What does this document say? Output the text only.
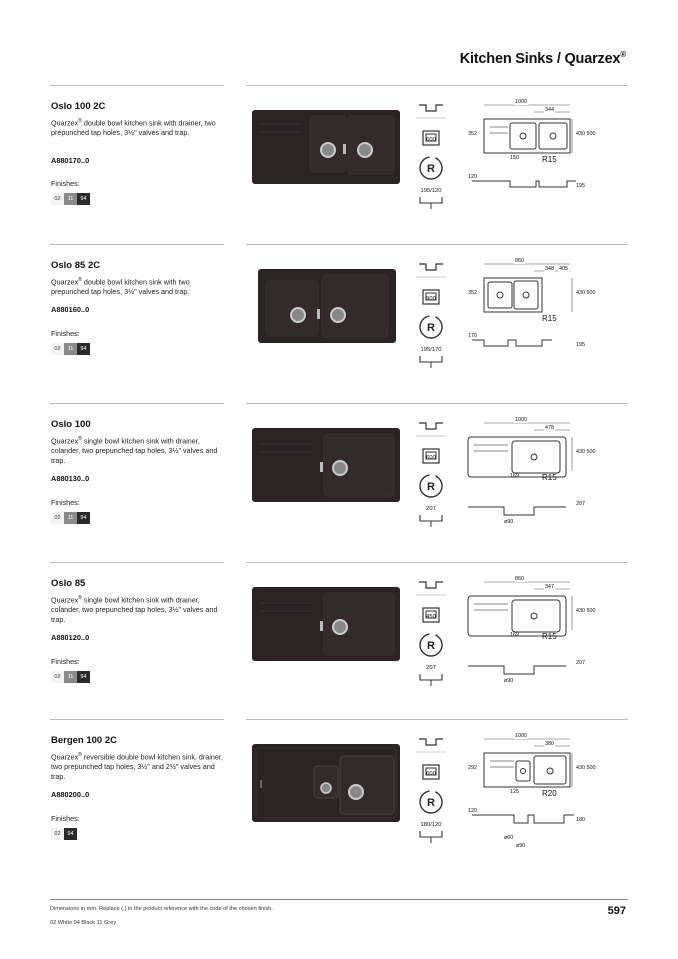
Kitchen Sinks / Quarzex®
Oslo 100 2C
Quarzex® double bowl kitchen sink with drainer, two prepunched tap holes, 3½" valves and trap.
A880170..0
Finishes:
02	11	94
600
R
195/120
1000
344
352	430 500
150	R15
120
195
Oslo 85 2C
Quarzex® double bowl kitchen sink with two prepunched tap holes, 3½" valves and trap.
A880160..0
Finishes:
02	11	94
900
R
195/170
860
348 405
352	430 500
R15
170
195
Oslo 100
Quarzex® single bowl kitchen sink with drainer, colander, two prepunched tap holes, 3½" valves and trap.
A880130..0
Finishes:
02	11	94
600
R
207
1000
478
430 500
169	R15
207
ø90
Oslo 85
Quarzex® single bowl kitchen sink with drainer, colander, two prepunched tap holes, 3½" valves and trap.
A880120..0
Finishes:
02	11	94
450
R
207
860
347
430 500
169	R15
207
ø90
Bergen 100 2C
Quarzex® reversible double bowl kitchen sink, drainer, two prepunched tap holes, 3½" and 2½" valves and trap.
A880200..0
Finishes:
02	94
600
R
180/120
1000
380
292	430 500
125	R20
120
180
ø60
ø90
Dimensions in mm. Replace (.) in the product reference with the code of the chosen finish.
02 White 94 Black 11 Grey
597
